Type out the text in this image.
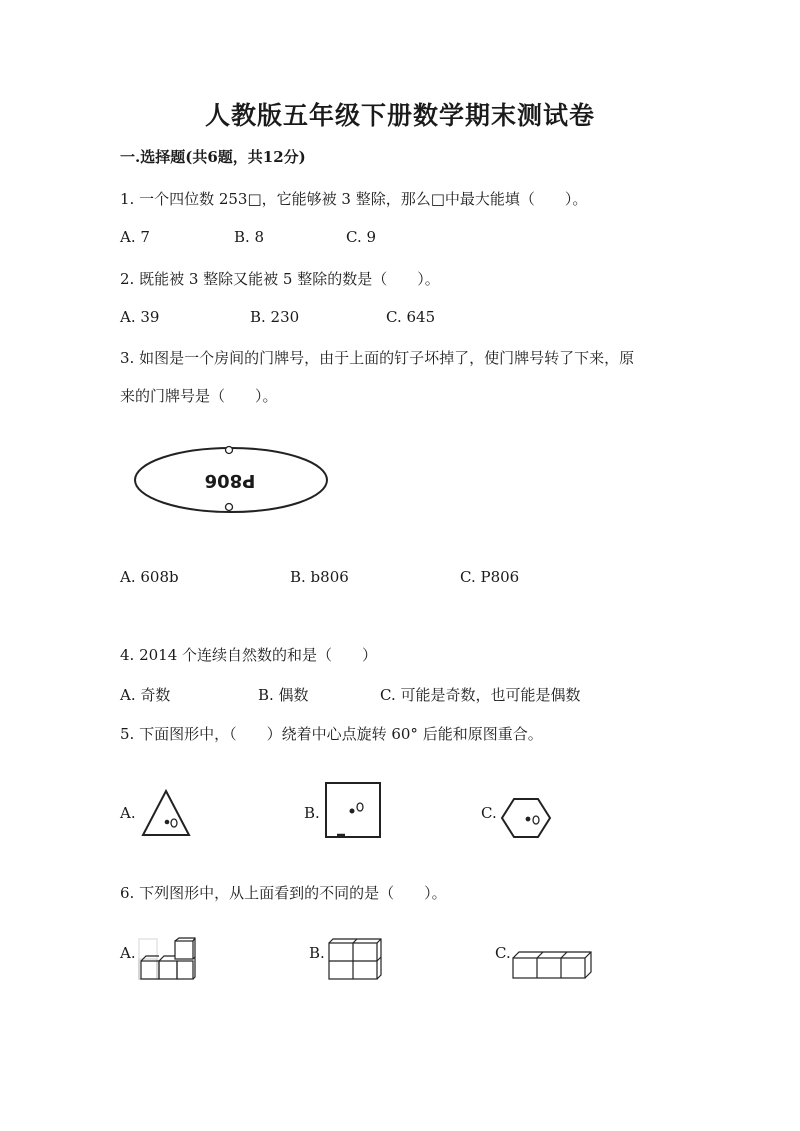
人教版五年级下册数学期末测试卷
一.选择题(共6题，共12分)
1. 一个四位数 253□，它能够被 3 整除，那么□中最大能填（　　）。
A. 7	B. 8	C. 9
2. 既能被 3 整除又能被 5 整除的数是（　　）。
A. 39	B. 230	C. 645
3. 如图是一个房间的门牌号，由于上面的钉子坏掉了，使门牌号转了下来，原
来的门牌号是（　　）。
P806
A. 608b	B. b806	C. P806
4. 2014 个连续自然数的和是（　　）
A. 奇数	B. 偶数	C. 可能是奇数，也可能是偶数
5. 下面图形中，（　　）绕着中心点旋转 60° 后能和原图重合。
A.	B.	C.
6. 下列图形中，从上面看到的不同的是（　　）。
A.	B.	C.
